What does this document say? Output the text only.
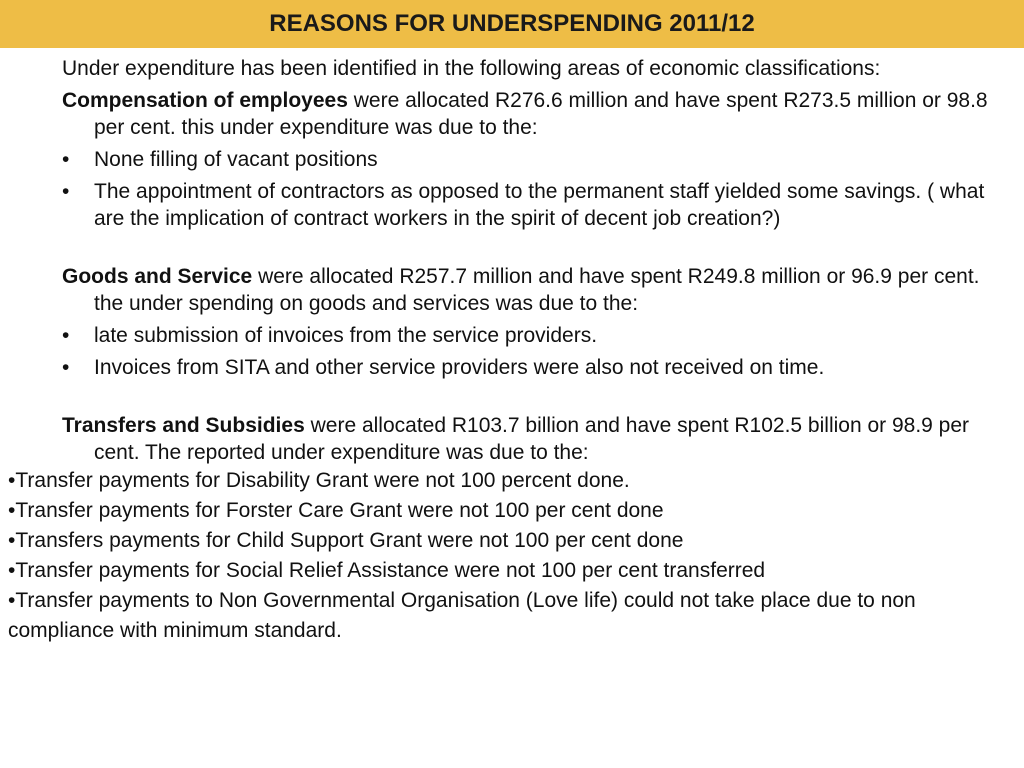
REASONS FOR UNDERSPENDING 2011/12
Under expenditure has been identified in the following areas of economic classifications:
Compensation of employees were allocated R276.6 million and have spent R273.5 million or 98.8 per cent. this under expenditure was due to the:
• None filling of vacant positions
• The appointment of contractors as opposed to the permanent staff yielded some savings. ( what are the implication of contract workers in the spirit of decent job creation?)
Goods and Service were allocated R257.7 million and have spent R249.8 million or 96.9 per cent. the under spending on goods and services was due to the:
• late submission of invoices from the service providers.
• Invoices from SITA and other service providers were also not received on time.
Transfers and Subsidies were allocated R103.7 billion and have spent R102.5 billion or 98.9 per cent. The reported under expenditure was due to the:
•Transfer payments for Disability Grant were not 100 percent done.
•Transfer payments for Forster Care Grant were not 100 per cent done
•Transfers payments for Child Support Grant were not 100 per cent done
•Transfer payments for Social Relief Assistance were not 100 per cent transferred
•Transfer payments to Non Governmental Organisation (Love life) could not take place due to non compliance with minimum standard.
